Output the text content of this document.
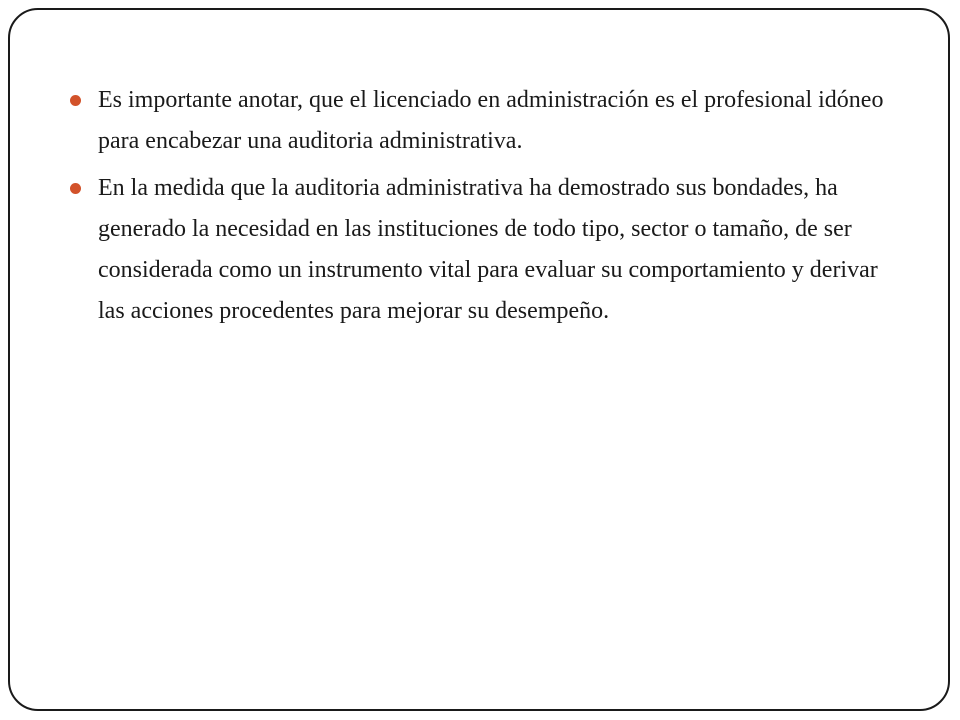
Es importante anotar, que el licenciado en administración es el profesional idóneo para encabezar una auditoria administrativa.
En la medida que la auditoria administrativa ha demostrado sus bondades, ha generado la necesidad en las instituciones de todo tipo, sector o tamaño, de ser considerada como un instrumento vital para evaluar su comportamiento y derivar las acciones procedentes para mejorar su desempeño.
